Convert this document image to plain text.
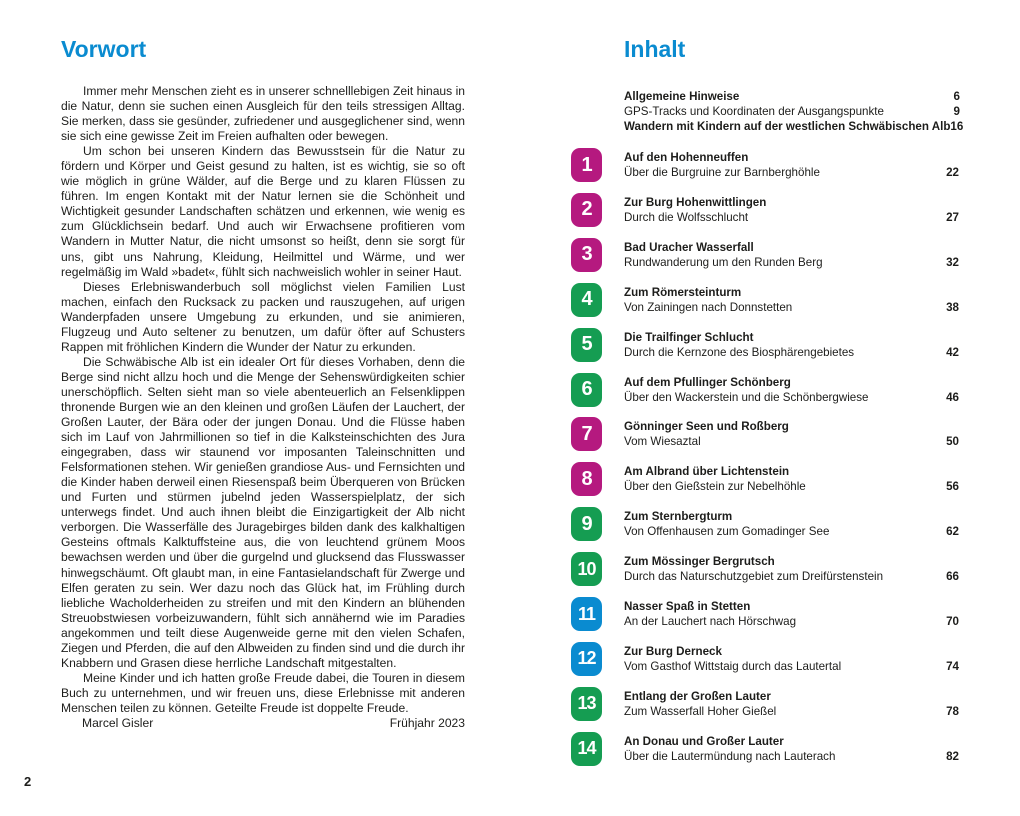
Vorwort

Immer mehr Menschen zieht es in unserer schnelllebigen Zeit hinaus in die Natur, denn sie suchen einen Ausgleich für den teils stressigen Alltag. Sie merken, dass sie gesünder, zufriedener und ausgeglichener sind, wenn sie sich eine gewisse Zeit im Freien aufhalten oder bewegen.

Um schon bei unseren Kindern das Bewusstsein für die Natur zu fördern und Körper und Geist gesund zu halten, ist es wichtig, sie so oft wie möglich in grüne Wälder, auf die Berge und zu klaren Flüssen zu führen. Im engen Kontakt mit der Natur lernen sie die Schönheit und Wichtigkeit gesunder Landschaften schätzen und erkennen, wie wenig es zum Glücklichsein bedarf. Und auch wir Erwachsene profitieren vom Wandern in Mutter Natur, die nicht umsonst so heißt, denn sie sorgt für uns, gibt uns Nahrung, Kleidung, Heilmittel und Wärme, und wer regelmäßig im Wald »badet«, fühlt sich nachweislich wohler in seiner Haut.

Dieses Erlebniswanderbuch soll möglichst vielen Familien Lust machen, einfach den Rucksack zu packen und rauszugehen, auf urigen Wanderpfaden unsere Umgebung zu erkunden, und sie animieren, Flugzeug und Auto seltener zu benutzen, um dafür öfter auf Schusters Rappen mit fröhlichen Kindern die Wunder der Natur zu erkunden.

Die Schwäbische Alb ist ein idealer Ort für dieses Vorhaben, denn die Berge sind nicht allzu hoch und die Menge der Sehenswürdigkeiten schier unerschöpflich. Selten sieht man so viele abenteuerlich an Felsenklippen thronende Burgen wie an den kleinen und großen Läufen der Lauchert, der Großen Lauter, der Bära oder der jungen Donau. Und die Flüsse haben sich im Lauf von Jahrmillionen so tief in die Kalksteinschichten des Jura eingegraben, dass wir staunend vor imposanten Taleinschnitten und Felsformationen stehen. Wir genießen grandiose Aus- und Fernsichten und die Kinder haben derweil einen Riesenspaß beim Überqueren von Brücken und Furten und stürmen jubelnd jeden Wasserspielplatz, der sich unterwegs findet. Und auch ihnen bleibt die Einzigartigkeit der Alb nicht verborgen. Die Wasserfälle des Juragebirges bilden dank des kalkhaltigen Gesteins oftmals Kalktuffsteine aus, die von leuchtend grünem Moos bewachsen werden und über die gurgelnd und glucksend das Flusswasser hinwegschäumt. Oft glaubt man, in eine Fantasielandschaft für Zwerge und Elfen geraten zu sein. Wer dazu noch das Glück hat, im Frühling durch liebliche Wacholderheiden zu streifen und mit den Kindern an blühenden Streuobstwiesen vorbeizuwandern, fühlt sich annähernd wie im Paradies angekommen und teilt diese Augenweide gerne mit den vielen Schafen, Ziegen und Pferden, die auf den Albweiden zu finden sind und die durch ihr Knabbern und Grasen diese herrliche Landschaft mitgestalten.

Meine Kinder und ich hatten große Freude dabei, die Touren in diesem Buch zu unternehmen, und wir freuen uns, diese Erlebnisse mit anderen Menschen teilen zu können. Geteilte Freude ist doppelte Freude.

Marcel Gisler	Frühjahr 2023
2
Inhalt
Allgemeine Hinweise	6
GPS-Tracks und Koordinaten der Ausgangspunkte	9
Wandern mit Kindern auf der westlichen Schwäbischen Alb 16
1	Auf den Hohenneuffen
Über die Burgruine zur Barnberghöhle	22
2	Zur Burg Hohenwittlingen
Durch die Wolfsschlucht	27
3	Bad Uracher Wasserfall
Rundwanderung um den Runden Berg	32
4	Zum Römersteinturm
Von Zainingen nach Donnstetten	38
5	Die Trailfinger Schlucht
Durch die Kernzone des Biosphärengebietes	42
6	Auf dem Pfullinger Schönberg
Über den Wackerstein und die Schönbergwiese	46
7	Gönninger Seen und Roßberg
Vom Wiesaztal	50
8	Am Albrand über Lichtenstein
Über den Gießstein zur Nebelhöhle	56
9	Zum Sternbergturm
Von Offenhausen zum Gomadinger See	62
10	Zum Mössinger Bergrutsch
Durch das Naturschutzgebiet zum Dreifürstenstein	66
11	Nasser Spaß in Stetten
An der Lauchert nach Hörschwag	70
12	Zur Burg Derneck
Vom Gasthof Wittstaig durch das Lautertal	74
13	Entlang der Großen Lauter
Zum Wasserfall Hoher Gießel	78
14	An Donau und Großer Lauter
Über die Lautermündung nach Lauterach	82
